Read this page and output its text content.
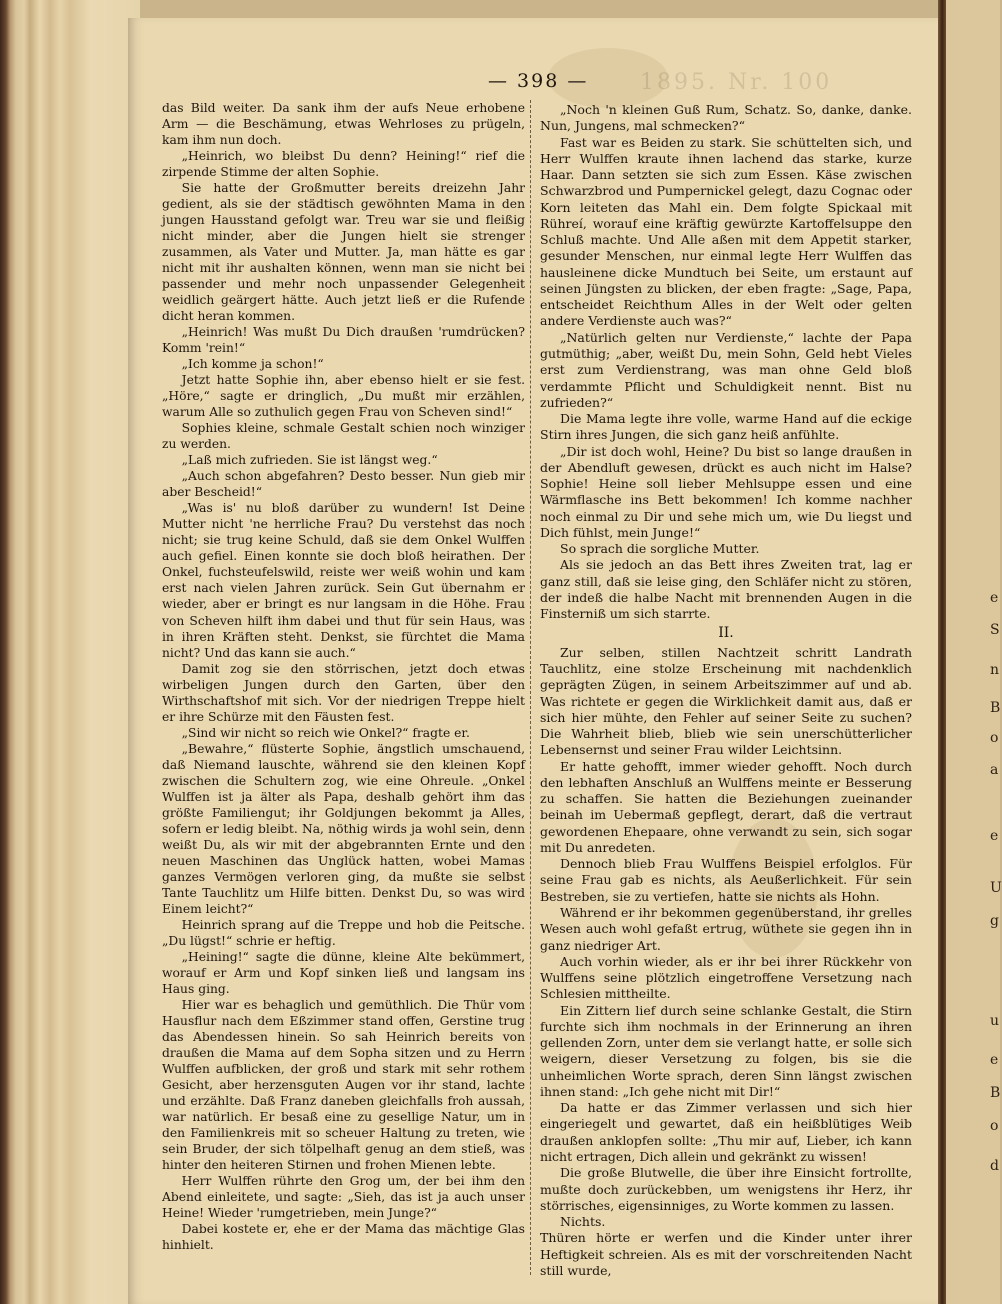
1895. Nr. 100
— 398 —

das Bild weiter. Da sank ihm der aufs Neue erhobene Arm — die Beschämung, etwas Wehrloses zu prügeln, kam ihm nun doch.

„Heinrich, wo bleibst Du denn? Heining!“ rief die zirpende Stimme der alten Sophie.

Sie hatte der Großmutter bereits dreizehn Jahr gedient, als sie der städtisch gewöhnten Mama in den jungen Hausstand gefolgt war. Treu war sie und fleißig nicht minder, aber die Jungen hielt sie strenger zusammen, als Vater und Mutter. Ja, man hätte es gar nicht mit ihr aushalten können, wenn man sie nicht bei passender und mehr noch unpassender Gelegenheit weidlich geärgert hätte. Auch jetzt ließ er die Rufende dicht heran kommen.

„Heinrich! Was mußt Du Dich draußen 'rumdrücken? Komm 'rein!“

„Ich komme ja schon!“

Jetzt hatte Sophie ihn, aber ebenso hielt er sie fest. „Höre,“ sagte er dringlich, „Du mußt mir erzählen, warum Alle so zuthulich gegen Frau von Scheven sind!“

Sophies kleine, schmale Gestalt schien noch winziger zu werden.

„Laß mich zufrieden. Sie ist längst weg.“

„Auch schon abgefahren? Desto besser. Nun gieb mir aber Bescheid!“

„Was is' nu bloß darüber zu wundern! Ist Deine Mutter nicht 'ne herrliche Frau? Du verstehst das noch nicht; sie trug keine Schuld, daß sie dem Onkel Wulffen auch gefiel. Einen konnte sie doch bloß heirathen. Der Onkel, fuchsteufelswild, reiste wer weiß wohin und kam erst nach vielen Jahren zurück. Sein Gut übernahm er wieder, aber er bringt es nur langsam in die Höhe. Frau von Scheven hilft ihm dabei und thut für sein Haus, was in ihren Kräften steht. Denkst, sie fürchtet die Mama nicht? Und das kann sie auch.“

Damit zog sie den störrischen, jetzt doch etwas wirbeligen Jungen durch den Garten, über den Wirthschaftshof mit sich. Vor der niedrigen Treppe hielt er ihre Schürze mit den Fäusten fest.

„Sind wir nicht so reich wie Onkel?“ fragte er.

„Bewahre,“ flüsterte Sophie, ängstlich umschauend, daß Niemand lauschte, während sie den kleinen Kopf zwischen die Schultern zog, wie eine Ohreule. „Onkel Wulffen ist ja älter als Papa, deshalb gehört ihm das größte Familiengut; ihr Goldjungen bekommt ja Alles, sofern er ledig bleibt. Na, nöthig wirds ja wohl sein, denn weißt Du, als wir mit der abgebrannten Ernte und den neuen Maschinen das Unglück hatten, wobei Mamas ganzes Vermögen verloren ging, da mußte sie selbst Tante Tauchlitz um Hilfe bitten. Denkst Du, so was wird Einem leicht?“

Heinrich sprang auf die Treppe und hob die Peitsche. „Du lügst!“ schrie er heftig.

„Heining!“ sagte die dünne, kleine Alte bekümmert, worauf er Arm und Kopf sinken ließ und langsam ins Haus ging.

Hier war es behaglich und gemüthlich. Die Thür vom Hausflur nach dem Eßzimmer stand offen, Gerstine trug das Abendessen hinein. So sah Heinrich bereits von draußen die Mama auf dem Sopha sitzen und zu Herrn Wulffen aufblicken, der groß und stark mit sehr rothem Gesicht, aber herzensguten Augen vor ihr stand, lachte und erzählte. Daß Franz daneben gleichfalls froh aussah, war natürlich. Er besaß eine zu gesellige Natur, um in den Familienkreis mit so scheuer Haltung zu treten, wie sein Bruder, der sich tölpelhaft genug an dem stieß, was hinter den heiteren Stirnen und frohen Mienen lebte.

Herr Wulffen rührte den Grog um, der bei ihm den Abend einleitete, und sagte: „Sieh, das ist ja auch unser Heine! Wieder 'rumgetrieben, mein Junge?“

Dabei kostete er, ehe er der Mama das mächtige Glas hinhielt.

„Noch 'n kleinen Guß Rum, Schatz. So, danke, danke. Nun, Jungens, mal schmecken?“

Fast war es Beiden zu stark. Sie schüttelten sich, und Herr Wulffen kraute ihnen lachend das starke, kurze Haar. Dann setzten sie sich zum Essen. Käse zwischen Schwarzbrod und Pumpernickel gelegt, dazu Cognac oder Korn leiteten das Mahl ein. Dem folgte Spickaal mit Rühreí, worauf eine kräftig gewürzte Kartoffelsuppe den Schluß machte. Und Alle aßen mit dem Appetit starker, gesunder Menschen, nur einmal legte Herr Wulffen das hausleinene dicke Mundtuch bei Seite, um erstaunt auf seinen Jüngsten zu blicken, der eben fragte: „Sage, Papa, entscheidet Reichthum Alles in der Welt oder gelten andere Verdienste auch was?“

„Natürlich gelten nur Verdienste,“ lachte der Papa gutmüthig; „aber, weißt Du, mein Sohn, Geld hebt Vieles erst zum Verdienstrang, was man ohne Geld bloß verdammte Pflicht und Schuldigkeit nennt. Bist nu zufrieden?“

Die Mama legte ihre volle, warme Hand auf die eckige Stirn ihres Jungen, die sich ganz heiß anfühlte.

„Dir ist doch wohl, Heine? Du bist so lange draußen in der Abendluft gewesen, drückt es auch nicht im Halse? Sophie! Heine soll lieber Mehlsuppe essen und eine Wärmflasche ins Bett bekommen! Ich komme nachher noch einmal zu Dir und sehe mich um, wie Du liegst und Dich fühlst, mein Junge!“

So sprach die sorgliche Mutter.

Als sie jedoch an das Bett ihres Zweiten trat, lag er ganz still, daß sie leise ging, den Schläfer nicht zu stören, der indeß die halbe Nacht mit brennenden Augen in die Finsterniß um sich starrte.

II.

Zur selben, stillen Nachtzeit schritt Landrath Tauchlitz, eine stolze Erscheinung mit nachdenklich geprägten Zügen, in seinem Arbeitszimmer auf und ab. Was richtete er gegen die Wirklichkeit damit aus, daß er sich hier mühte, den Fehler auf seiner Seite zu suchen? Die Wahrheit blieb, blieb wie sein unerschütterlicher Lebensernst und seiner Frau wilder Leichtsinn.

Er hatte gehofft, immer wieder gehofft. Noch durch den lebhaften Anschluß an Wulffens meinte er Besserung zu schaffen. Sie hatten die Beziehungen zueinander beinah im Uebermaß gepflegt, derart, daß die vertraut gewordenen Ehepaare, ohne verwandt zu sein, sich sogar mit Du anredeten.

Dennoch blieb Frau Wulffens Beispiel erfolglos. Für seine Frau gab es nichts, als Aeußerlichkeit. Für sein Bestreben, sie zu vertiefen, hatte sie nichts als Hohn.

Während er ihr bekommen gegenüberstand, ihr grelles Wesen auch wohl gefaßt ertrug, wüthete sie gegen ihn in ganz niedriger Art.

Auch vorhin wieder, als er ihr bei ihrer Rückkehr von Wulffens seine plötzlich eingetroffene Versetzung nach Schlesien mittheilte.

Ein Zittern lief durch seine schlanke Gestalt, die Stirn furchte sich ihm nochmals in der Erinnerung an ihren gellenden Zorn, unter dem sie verlangt hatte, er solle sich weigern, dieser Versetzung zu folgen, bis sie die unheimlichen Worte sprach, deren Sinn längst zwischen ihnen stand: „Ich gehe nicht mit Dir!“

Da hatte er das Zimmer verlassen und sich hier eingeriegelt und gewartet, daß ein heißblütiges Weib draußen anklopfen sollte: „Thu mir auf, Lieber, ich kann nicht ertragen, Dich allein und gekränkt zu wissen!

Die große Blutwelle, die über ihre Einsicht fortrollte, mußte doch zurückebben, um wenigstens ihr Herz, ihr störrisches, eigensinniges, zu Worte kommen zu lassen.

Nichts.

Thüren hörte er werfen und die Kinder unter ihrer Heftigkeit schreien. Als es mit der vorschreitenden Nacht still wurde,

e
S
n
B
o
a
e
U
g
u
e
B
o
d
